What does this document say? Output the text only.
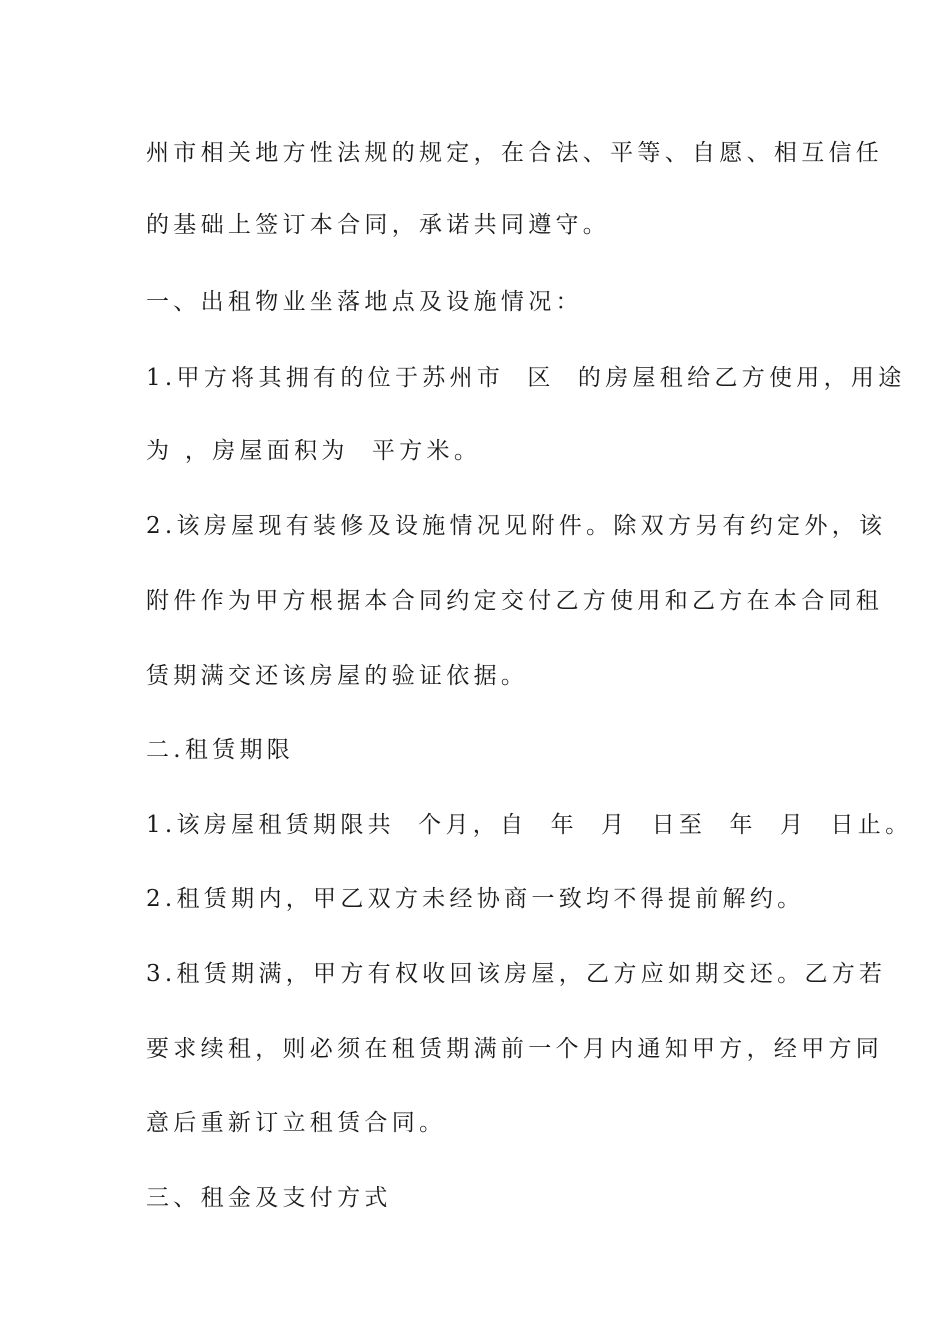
州市相关地方性法规的规定，在合法、平等、自愿、相互信任
的基础上签订本合同，承诺共同遵守。
一、出租物业坐落地点及设施情况：
1.甲方将其拥有的位于苏州市  区  的房屋租给乙方使用，用途
为 ，房屋面积为  平方米。
2.该房屋现有装修及设施情况见附件。除双方另有约定外，该
附件作为甲方根据本合同约定交付乙方使用和乙方在本合同租
赁期满交还该房屋的验证依据。
二.租赁期限
1.该房屋租赁期限共  个月，自  年  月  日至  年  月  日止。
2.租赁期内，甲乙双方未经协商一致均不得提前解约。
3.租赁期满，甲方有权收回该房屋，乙方应如期交还。乙方若
要求续租，则必须在租赁期满前一个月内通知甲方，经甲方同
意后重新订立租赁合同。
三、租金及支付方式
